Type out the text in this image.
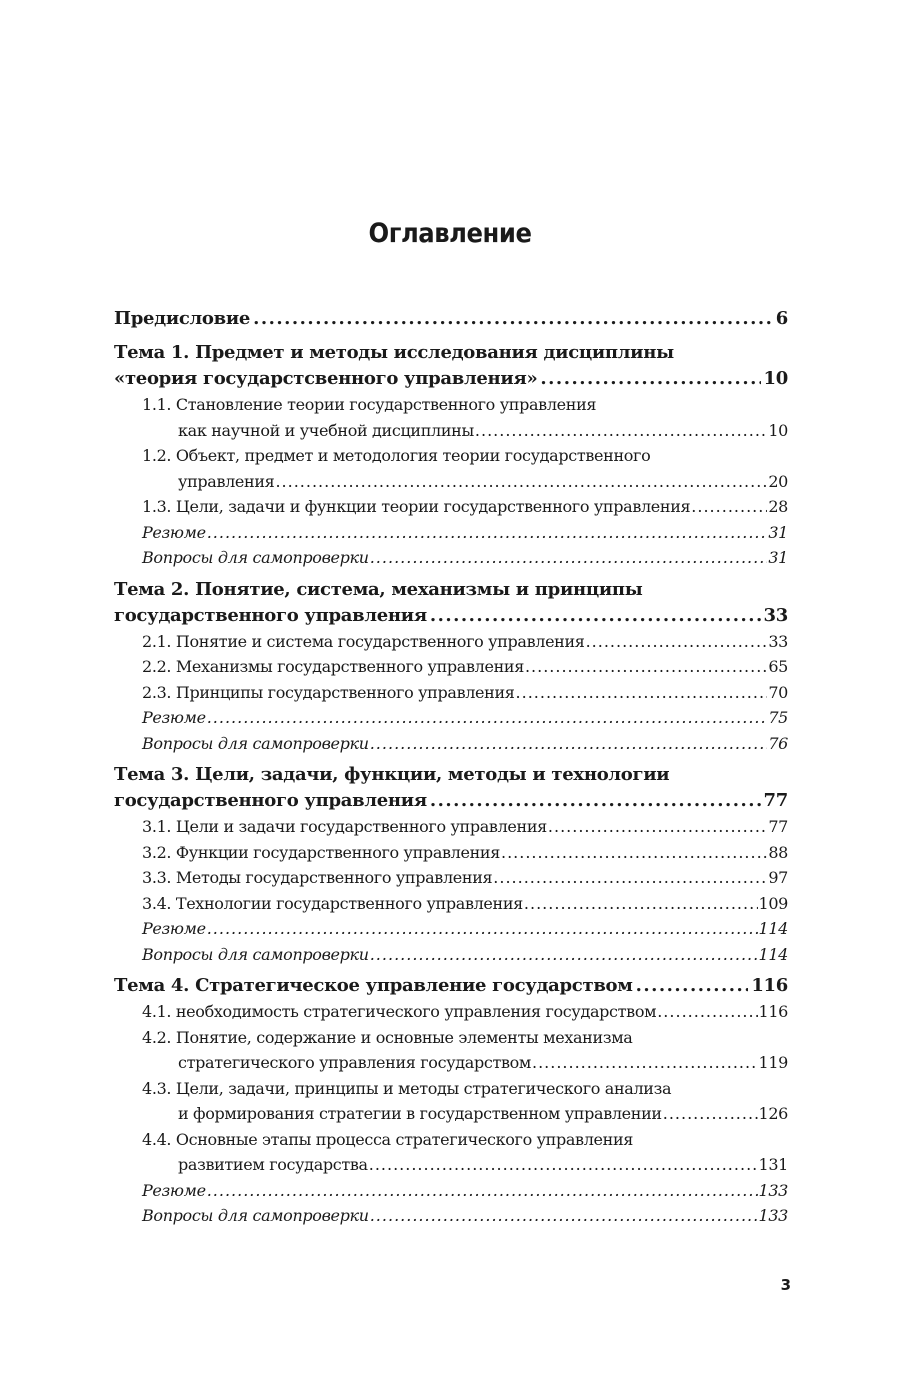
Оглавление
Предисловие .....	6
Тема 1. Предмет и методы исследования дисциплины
«теория государстсвенного управления» .....	10
1.1. Становление теории государственного управления
как научной и учебной дисциплины .....	10
1.2. Объект, предмет и методология теории государственного
управления .....	20
1.3. Цели, задачи и функции теории государственного управления .....	28
Резюме .....	31
Вопросы для самопроверки .....	31
Тема 2. Понятие, система, механизмы и принципы
государственного управления .....	33
2.1. Понятие и система государственного управления .....	33
2.2. Механизмы государственного управления .....	65
2.3. Принципы государственного управления .....	70
Резюме .....	75
Вопросы для самопроверки .....	76
Тема 3. Цели, задачи, функции, методы и технологии
государственного управления .....	77
3.1. Цели и задачи государственного управления .....	77
3.2. Функции государственного управления .....	88
3.3. Методы государственного управления .....	97
3.4. Технологии государственного управления .....	109
Резюме .....	114
Вопросы для самопроверки .....	114
Тема 4. Стратегическое управление государством .....	116
4.1. необходимость стратегического управления государством .....	116
4.2. Понятие, содержание и основные элементы механизма
стратегического управления государством .....	119
4.3. Цели, задачи, принципы и методы стратегического анализа
и формирования стратегии в государственном управлении .....	126
4.4. Основные этапы процесса стратегического управления
развитием государства .....	131
Резюме .....	133
Вопросы для самопроверки .....	133
3
